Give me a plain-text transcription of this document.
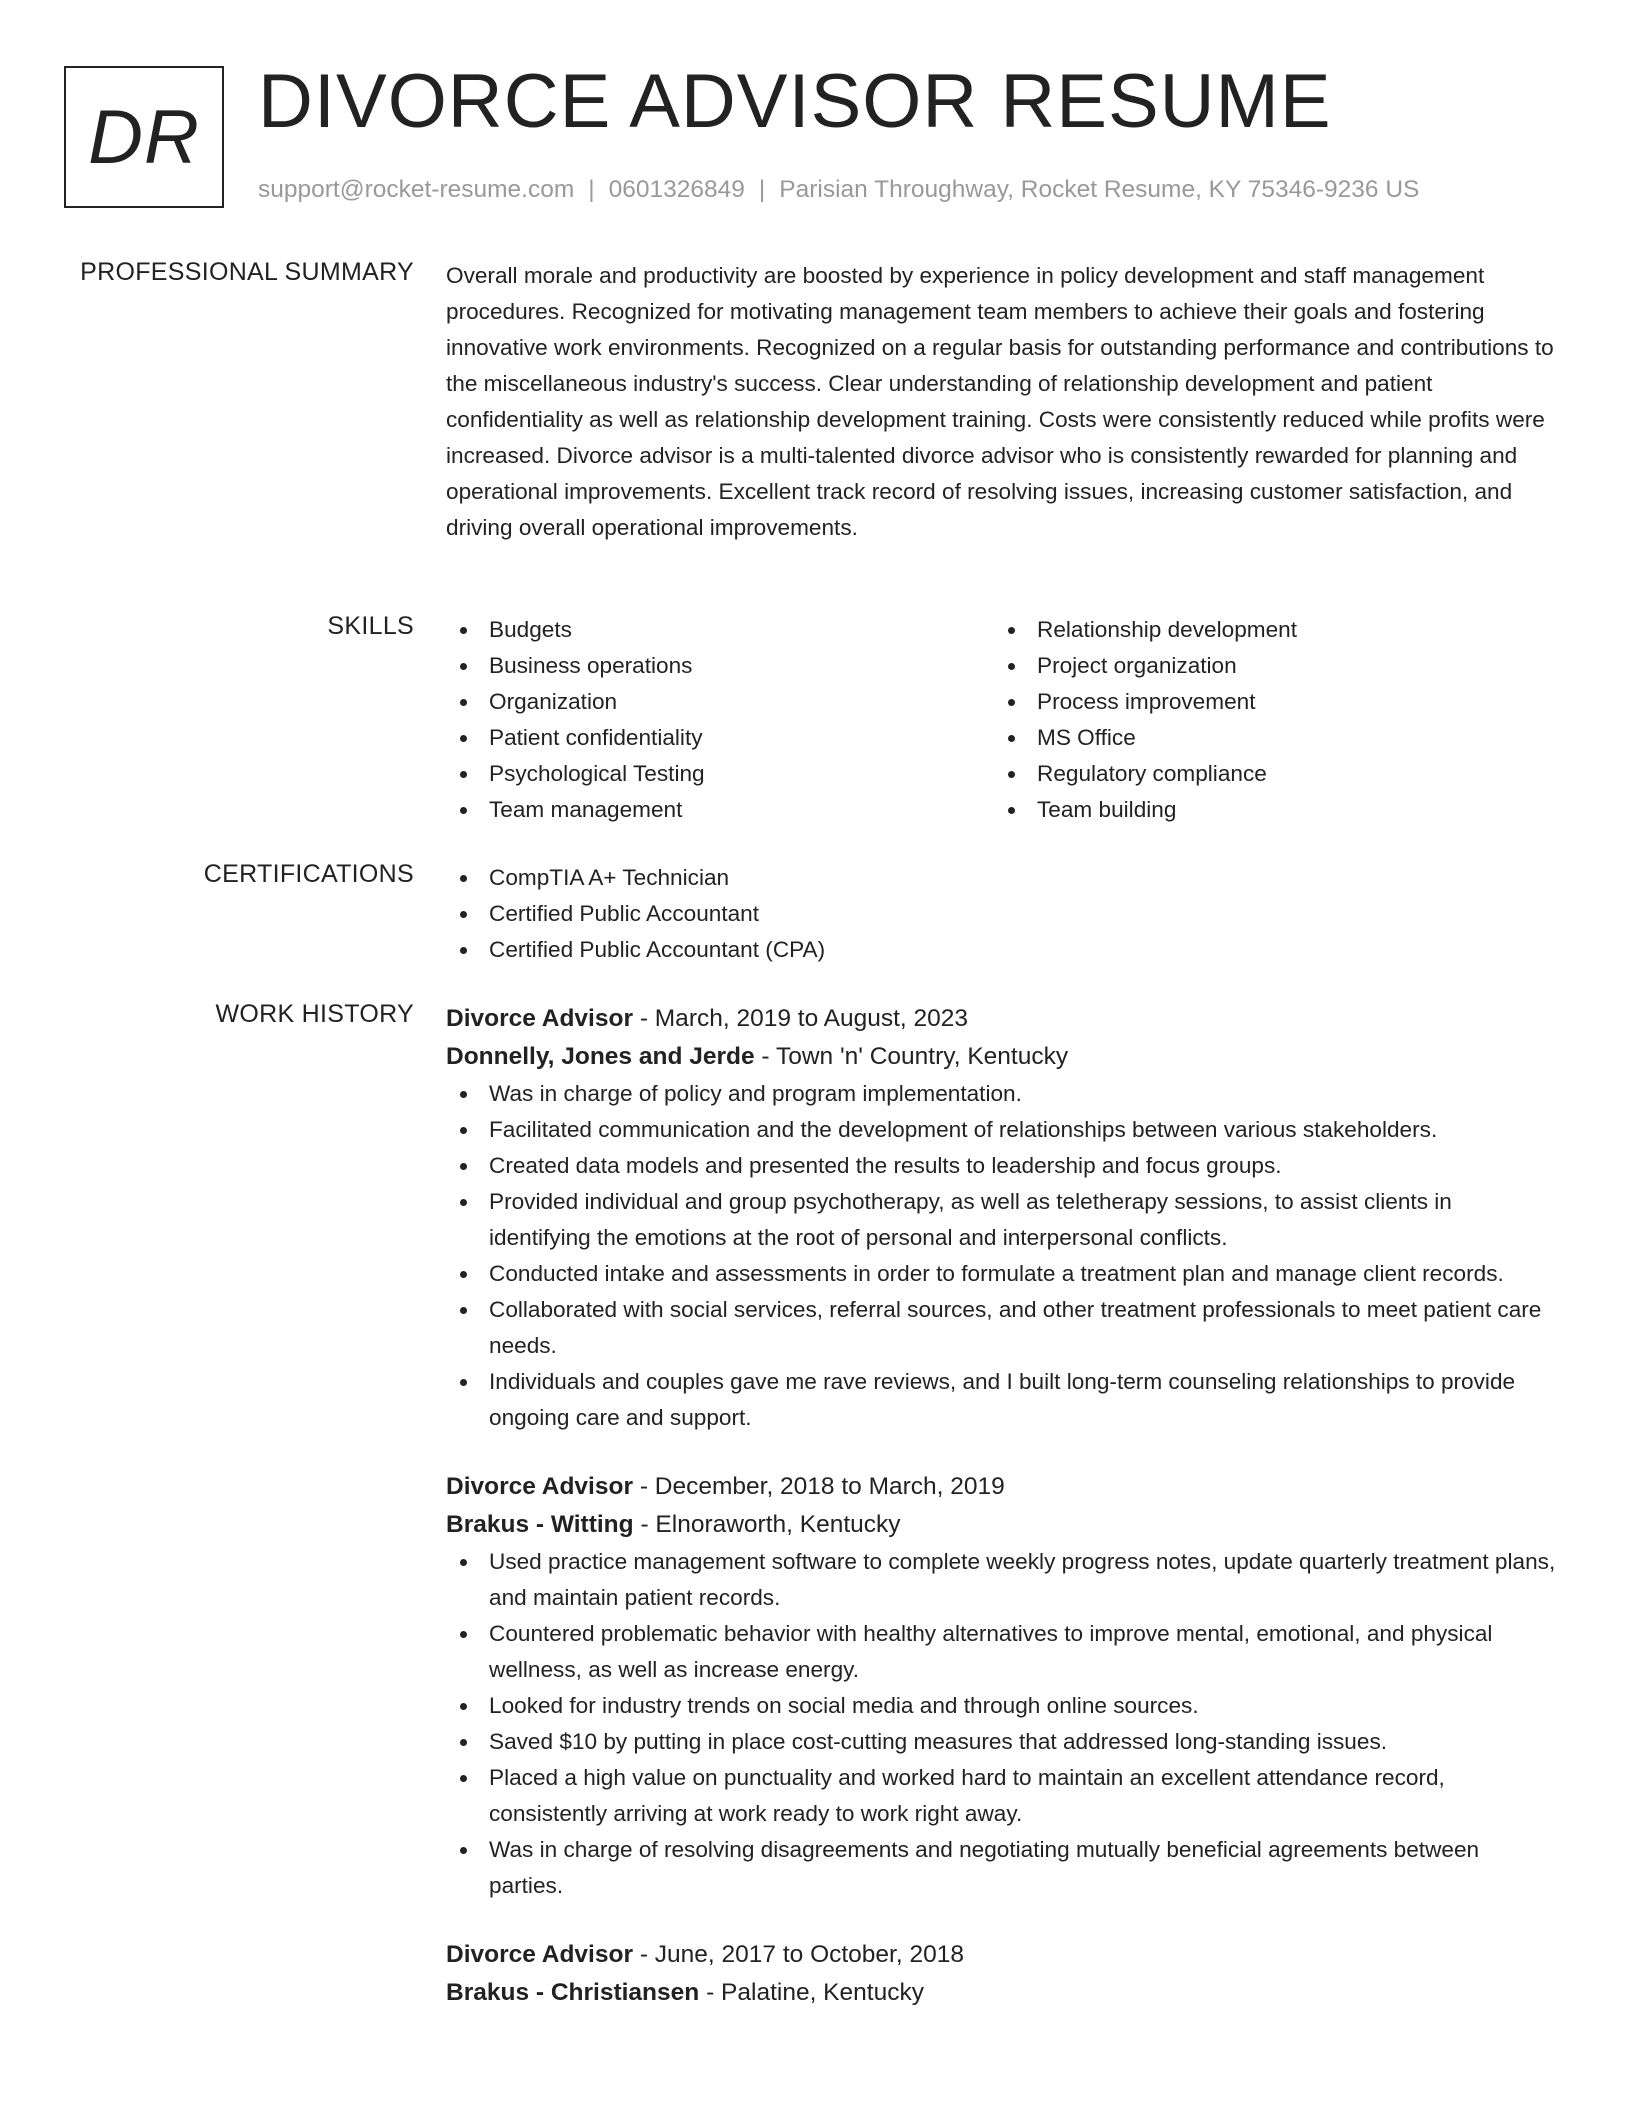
DR DIVORCE ADVISOR RESUME
support@rocket-resume.com | 0601326849 | Parisian Throughway, Rocket Resume, KY 75346-9236 US
PROFESSIONAL SUMMARY Overall morale and productivity are boosted by experience in policy development and staff management procedures. Recognized for motivating management team members to achieve their goals and fostering innovative work environments. Recognized on a regular basis for outstanding performance and contributions to the miscellaneous industry's success. Clear understanding of relationship development and patient confidentiality as well as relationship development training. Costs were consistently reduced while profits were increased. Divorce advisor is a multi-talented divorce advisor who is consistently rewarded for planning and operational improvements. Excellent track record of resolving issues, increasing customer satisfaction, and driving overall operational improvements.
SKILLS	Budgets
Business operations
Organization
Patient confidentiality
Psychological Testing
Team management
Relationship development
Project organization
Process improvement
MS Office
Regulatory compliance
Team building
CERTIFICATIONS	CompTIA A+ Technician
Certified Public Accountant
Certified Public Accountant (CPA)
WORK HISTORY Divorce Advisor - March, 2019 to August, 2023
Donnelly, Jones and Jerde - Town 'n' Country, Kentucky
Was in charge of policy and program implementation.
Facilitated communication and the development of relationships between various stakeholders.
Created data models and presented the results to leadership and focus groups.
Provided individual and group psychotherapy, as well as teletherapy sessions, to assist clients in identifying the emotions at the root of personal and interpersonal conflicts.
Conducted intake and assessments in order to formulate a treatment plan and manage client records.
Collaborated with social services, referral sources, and other treatment professionals to meet patient care needs.
Individuals and couples gave me rave reviews, and I built long-term counseling relationships to provide ongoing care and support.
Divorce Advisor - December, 2018 to March, 2019
Brakus - Witting - Elnoraworth, Kentucky
Used practice management software to complete weekly progress notes, update quarterly treatment plans, and maintain patient records.
Countered problematic behavior with healthy alternatives to improve mental, emotional, and physical wellness, as well as increase energy.
Looked for industry trends on social media and through online sources.
Saved $10 by putting in place cost-cutting measures that addressed long-standing issues.
Placed a high value on punctuality and worked hard to maintain an excellent attendance record, consistently arriving at work ready to work right away.
Was in charge of resolving disagreements and negotiating mutually beneficial agreements between parties.
Divorce Advisor - June, 2017 to October, 2018
Brakus - Christiansen - Palatine, Kentucky
